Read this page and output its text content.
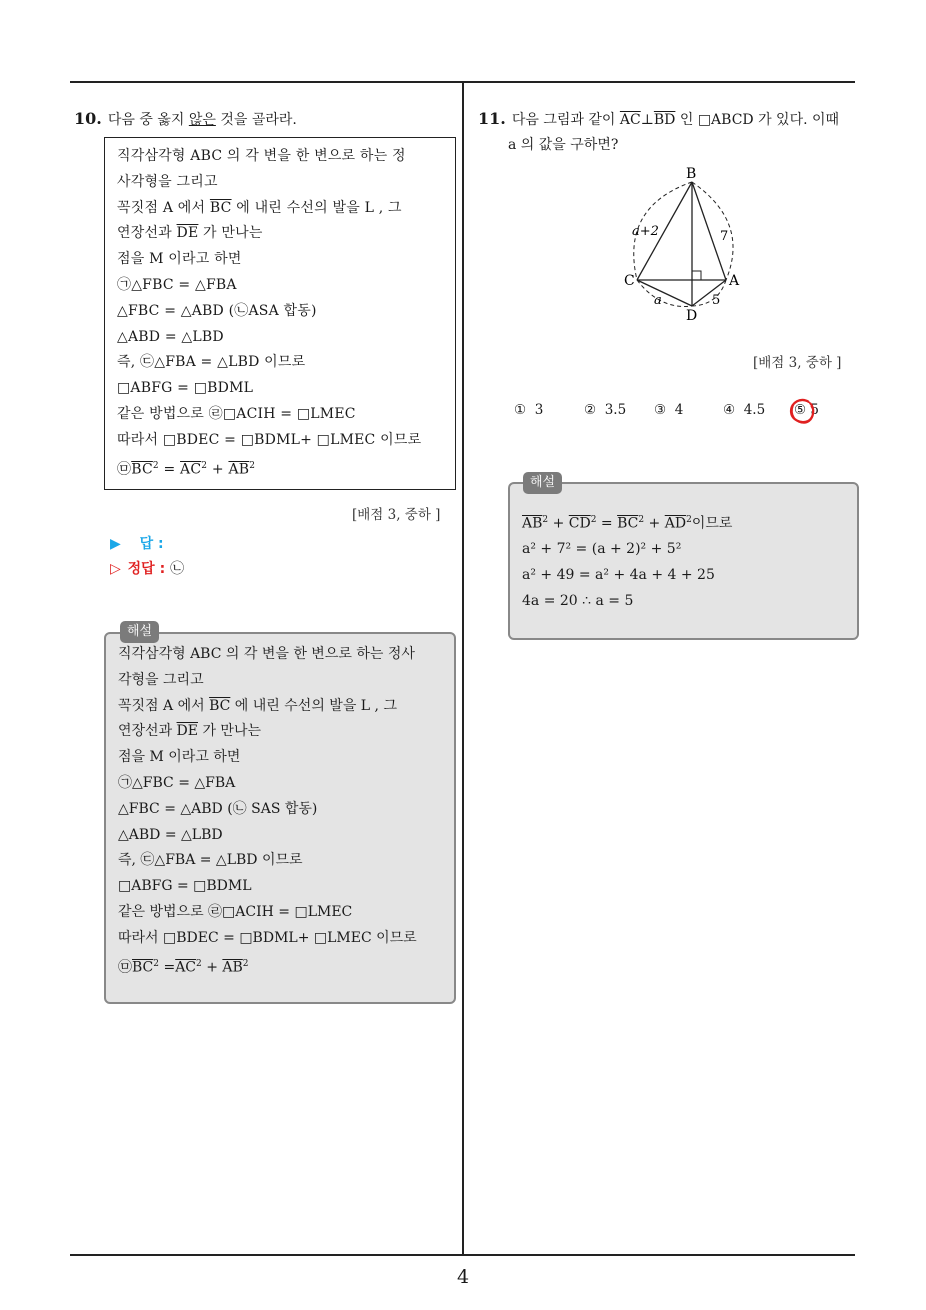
4
10. 다음 중 옳지 않은 것을 골라라.
직각삼각형 ABC 의 각 변을 한 변으로 하는 정
사각형을 그리고
꼭짓점 A 에서 $\overline{BC}$ 에 내린 수선의 발을 L , 그
연장선과 $\overline{DE}$ 가 만나는
점을 M 이라고 하면
㉠△FBC = △FBA
△FBC = △ABD (㉡ASA 합동)
△ABD = △LBD
즉, ㉢△FBA = △LBD 이므로
□ABFG = □BDML
같은 방법으로 ㉣□ACIH = □LMEC
따라서 □BDEC = □BDML+ □LMEC 이므로
$㉤\overline{BC}^2 = \overline{AC}^2 + \overline{AB}^2$
[배점 3, 중하 ]
▶ 답 :
▷ 정답 : ㉡
직각삼각형 ABC 의 각 변을 한 변으로 하는 정사
각형을 그리고
꼭짓점 A 에서 $\overline{BC}$ 에 내린 수선의 발을 L , 그
연장선과 $\overline{DE}$ 가 만나는
점을 M 이라고 하면
㉠△FBC = △FBA
△FBC = △ABD (㉡ SAS 합동)
△ABD = △LBD
즉, ㉢△FBA = △LBD 이므로
□ABFG = □BDML
같은 방법으로 ㉣□ACIH = □LMEC
따라서 □BDEC = □BDML+ □LMEC 이므로
$㉤\overline{BC}^2 =\overline{AC}^2 + \overline{AB}^2$
해설
11. 다음 그림과 같이 $\overline{AC}\perp\overline{BD}$ 인 □ABCD 가 있다. 이때
a 의 값을 구하면?
B
C	A
D
a+2	7
a	5
[배점 3, 중하 ]
① 3	② 3.5 ③ 4	④ 4.5 ⑤ 5
$\overline{AB}^2 + \overline{CD}^2 = \overline{BC}^2 + \overline{AD}^2$이므로
a² + 7² = (a + 2)² + 5²
a² + 49 = a² + 4a + 4 + 25
4a = 20 ∴ a = 5
해설
